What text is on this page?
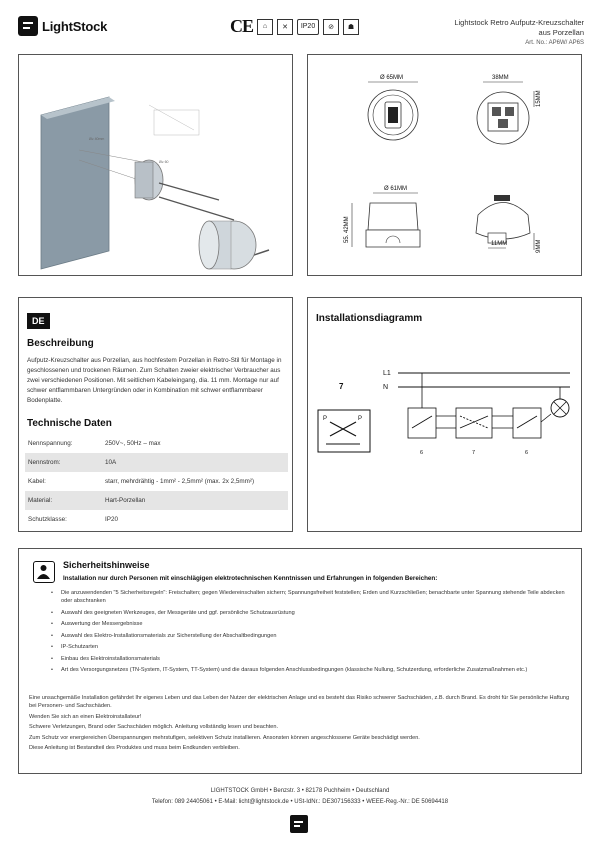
LightStock	CE	⌂	✕	IP20	⊘	☗	Lightstock Retro Aufputz-Kreuzschalter
aus Porzellan
Art. No.: AP6W/ AP6S
Ø≥ 40mm
Ø≥ 60
Ø 65MM	38MM
15MM
Ø 61MM
55. 42MM
11MM	9MM
DE
Beschreibung
Aufputz-Kreuzschalter aus Porzellan, aus hochfestem Porzellan in Retro-Stil für Montage in geschlossenen und trockenen Räumen. Zum Schalten zweier elektrischer Verbraucher aus zwei verschiedenen Positionen. Mit seitlichem Kabeleingang, dia. 11 mm. Montage nur auf schwer entflammbaren Untergründen oder in Kombination mit schwer entflammbarer Bodenplatte.
Technische Daten
Nennspannung:	250V~, 50Hz – max
Nennstrom:	10A
Kabel:	starr, mehrdrähtig - 1mm² - 2,5mm² (max. 2x 2,5mm²)
Material:	Hart-Porzellan
Schutzklasse:	IP20
Installationsdiagramm
7
P	P
L1
N
6	7	6
Sicherheitshinweise
Installation nur durch Personen mit einschlägigen elektrotechnischen Kenntnissen und Erfahrungen in folgenden Bereichen:
• Die anzuwendenden "5 Sicherheitsregeln": Freischalten; gegen Wiedereinschalten sichern; Spannungsfreiheit feststellen; Erden und Kurzschließen; benachbarte unter Spannung stehende Teile abdecken oder abschranken
• Auswahl des geeigneten Werkzeuges, der Messgeräte und ggf. persönliche Schutzausrüstung
• Auswertung der Messergebnisse
• Auswahl des Elektro-Installationsmaterials zur Sicherstellung der Abschaltbedingungen
• IP-Schutzarten
• Einbau des Elektroinstallationsmaterials
• Art des Versorgungsnetzes (TN-System, IT-System, TT-System) und die daraus folgenden Anschlussbedingungen (klassische Nullung, Schutzerdung, erforderliche Zusatzmaßnahmen etc.)

Eine unsachgemäße Installation gefährdet Ihr eigenes Leben und das Leben der Nutzer der elektrischen Anlage und es besteht das Risiko schwerer Sachschäden, z.B. durch Brand. Es droht für Sie persönliche Haftung bei Personen- und Sachschäden.

Wenden Sie sich an einen Elektroinstallateur!

Schwere Verletzungen, Brand oder Sachschäden möglich. Anleitung vollständig lesen und beachten.

Zum Schutz vor energiereichen Überspannungen mehrstufigen, selektiven Schutz installieren. Ansonsten können angeschlossene Geräte beschädigt werden.

Diese Anleitung ist Bestandteil des Produktes und muss beim Endkunden verbleiben.

LIGHTSTOCK GmbH • Benzstr. 3 • 82178 Puchheim • Deutschland
Telefon: 089 24405061 • E-Mail: licht@lightstock.de • USt-IdNr.: DE307156333 • WEEE-Reg.-Nr.: DE 50694418
